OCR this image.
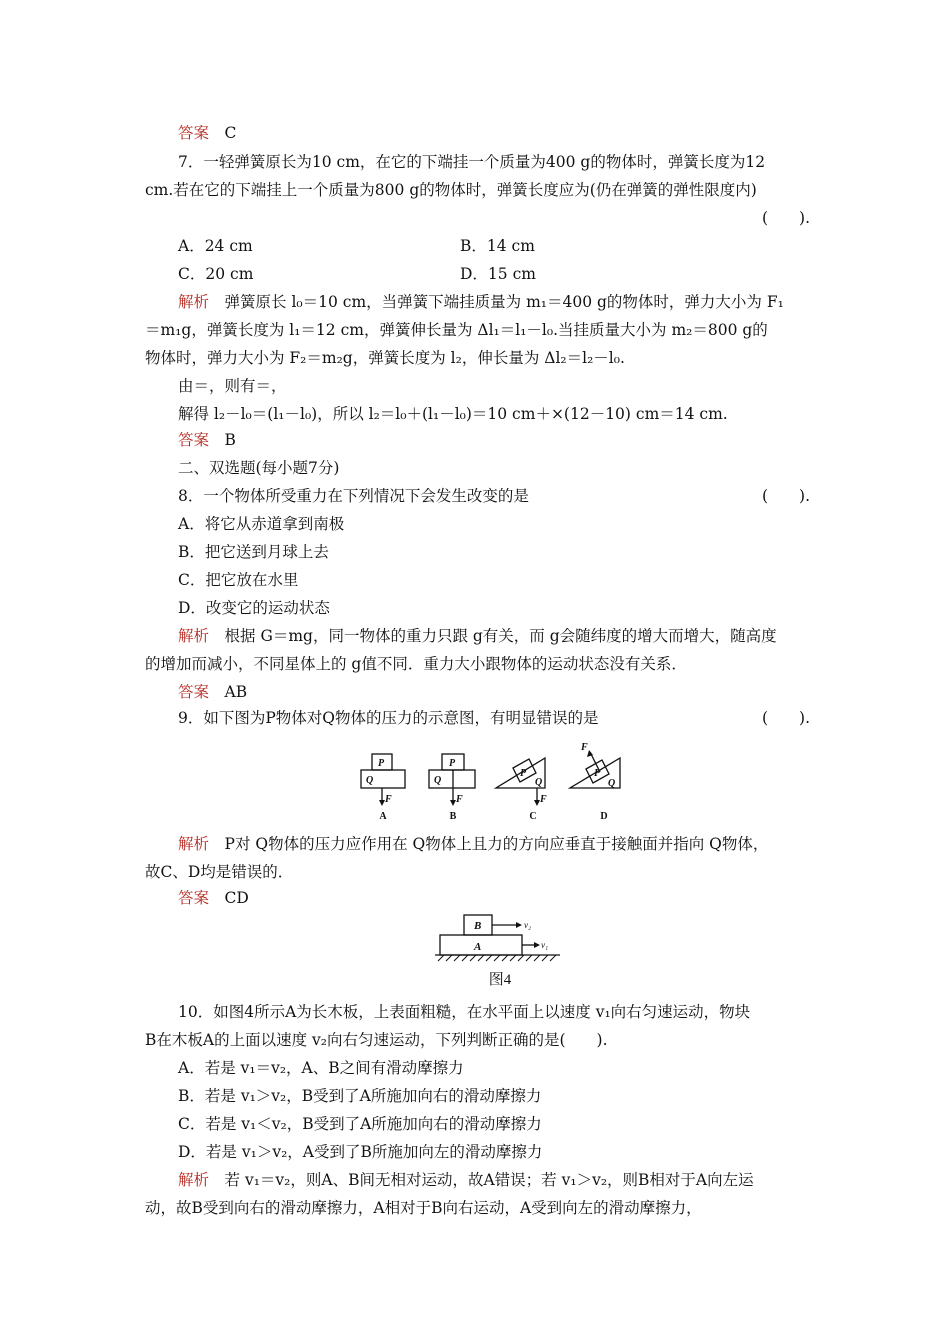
答案　 C
7．一轻弹簧原长为10 cm，在它的下端挂一个质量为400 g的物体时，弹簧长度为12
cm.若在它的下端挂上一个质量为800 g的物体时，弹簧长度应为(仍在弹簧的弹性限度内)
(　　).
A．24 cm	B．14 cm
C．20 cm	D．15 cm
解析　 弹簧原长 l₀＝10 cm，当弹簧下端挂质量为 m₁＝400 g的物体时，弹力大小为 F₁
＝m₁g，弹簧长度为 l₁＝12 cm，弹簧伸长量为 Δl₁＝l₁－l₀.当挂质量大小为 m₂＝800 g的
物体时，弹力大小为 F₂＝m₂g，弹簧长度为 l₂，伸长量为 Δl₂＝l₂－l₀.
由＝，则有＝，
解得 l₂－l₀＝(l₁－l₀)，所以 l₂＝l₀＋(l₁－l₀)＝10 cm＋×(12－10) cm＝14 cm.
答案　 B
二、双选题(每小题7分)
8．一个物体所受重力在下列情况下会发生改变的是	(　　).
A．将它从赤道拿到南极
B．把它送到月球上去
C．把它放在水里
D．改变它的运动状态
解析　 根据 G＝mg，同一物体的重力只跟 g有关，而 g会随纬度的增大而增大，随高度
的增加而减小，不同星体上的 g值不同．重力大小跟物体的运动状态没有关系．
答案　 AB
9．如下图为P物体对Q物体的压力的示意图，有明显错误的是	(　　).
P
Q
F
P
Q
F
P
Q
F
F
P
Q
A	B	C	D
解析　 P对 Q物体的压力应作用在 Q物体上且力的方向应垂直于接触面并指向 Q物体，
故C、D均是错误的．
答案　 CD
B
A
v₂
v₁
图4
10．如图4所示A为长木板，上表面粗糙，在水平面上以速度 v₁向右匀速运动，物块
B在木板A的上面以速度 v₂向右匀速运动，下列判断正确的是(　　).
A．若是 v₁＝v₂，A、B之间有滑动摩擦力
B．若是 v₁＞v₂，B受到了A所施加向右的滑动摩擦力
C．若是 v₁＜v₂，B受到了A所施加向右的滑动摩擦力
D．若是 v₁＞v₂，A受到了B所施加向左的滑动摩擦力
解析　 若 v₁＝v₂，则A、B间无相对运动，故A错误；若 v₁＞v₂，则B相对于A向左运
动，故B受到向右的滑动摩擦力，A相对于B向右运动，A受到向左的滑动摩擦力，
